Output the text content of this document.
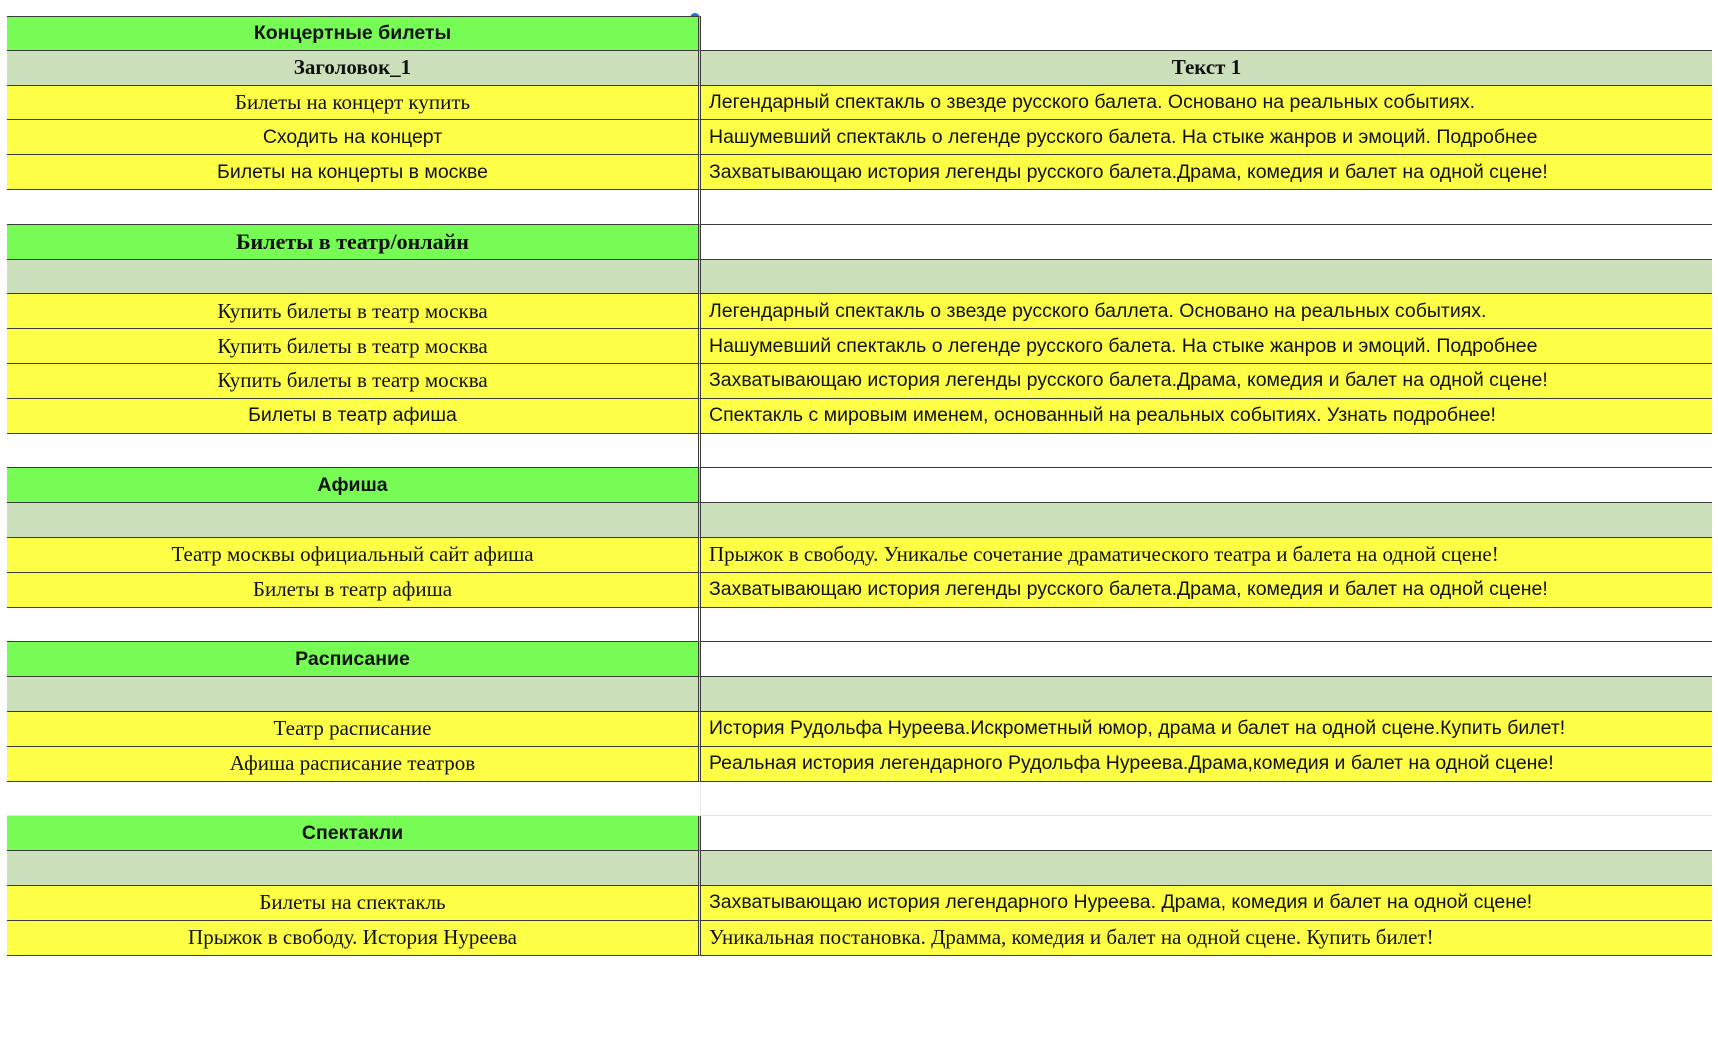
Концертные билеты
Заголовок_1	Текст 1
Билеты на концерт купить	Легендарный спектакль о звезде русского балета. Основано на реальных событиях.
Сходить на концерт	Нашумевший спектакль о легенде русского балета. На стыке жанров и эмоций. Подробнее
Билеты на концерты в москве	Захватывающаю история легенды русского балета.Драма, комедия и балет на одной сцене!
Билеты в театр/онлайн
Купить билеты в театр москва	Легендарный спектакль о звезде русского баллета. Основано на реальных событиях.
Купить билеты в театр москва	Нашумевший спектакль о легенде русского балета. На стыке жанров и эмоций. Подробнее
Купить билеты в театр москва	Захватывающаю история легенды русского балета.Драма, комедия и балет на одной сцене!
Билеты в театр афиша	Спектакль с мировым именем, основанный на реальных событиях. Узнать подробнее!
Афиша
Театр москвы официальный сайт афиша	Прыжок в свободу. Уникалье сочетание драматического театра и балета на одной сцене!
Билеты в театр афиша	Захватывающаю история легенды русского балета.Драма, комедия и балет на одной сцене!
Расписание
Театр расписание	История Рудольфа Нуреева.Искрометный юмор, драма и балет на одной сцене.Купить билет!
Афиша расписание театров	Реальная история легендарного Рудольфа Нуреева.Драма,комедия и балет на одной сцене!
Спектакли
Билеты на спектакль	Захватывающаю история легендарного Нуреева. Драма, комедия и балет на одной сцене!
Прыжок в свободу. История Нуреева	Уникальная постановка. Драмма, комедия и балет на одной сцене. Купить билет!
